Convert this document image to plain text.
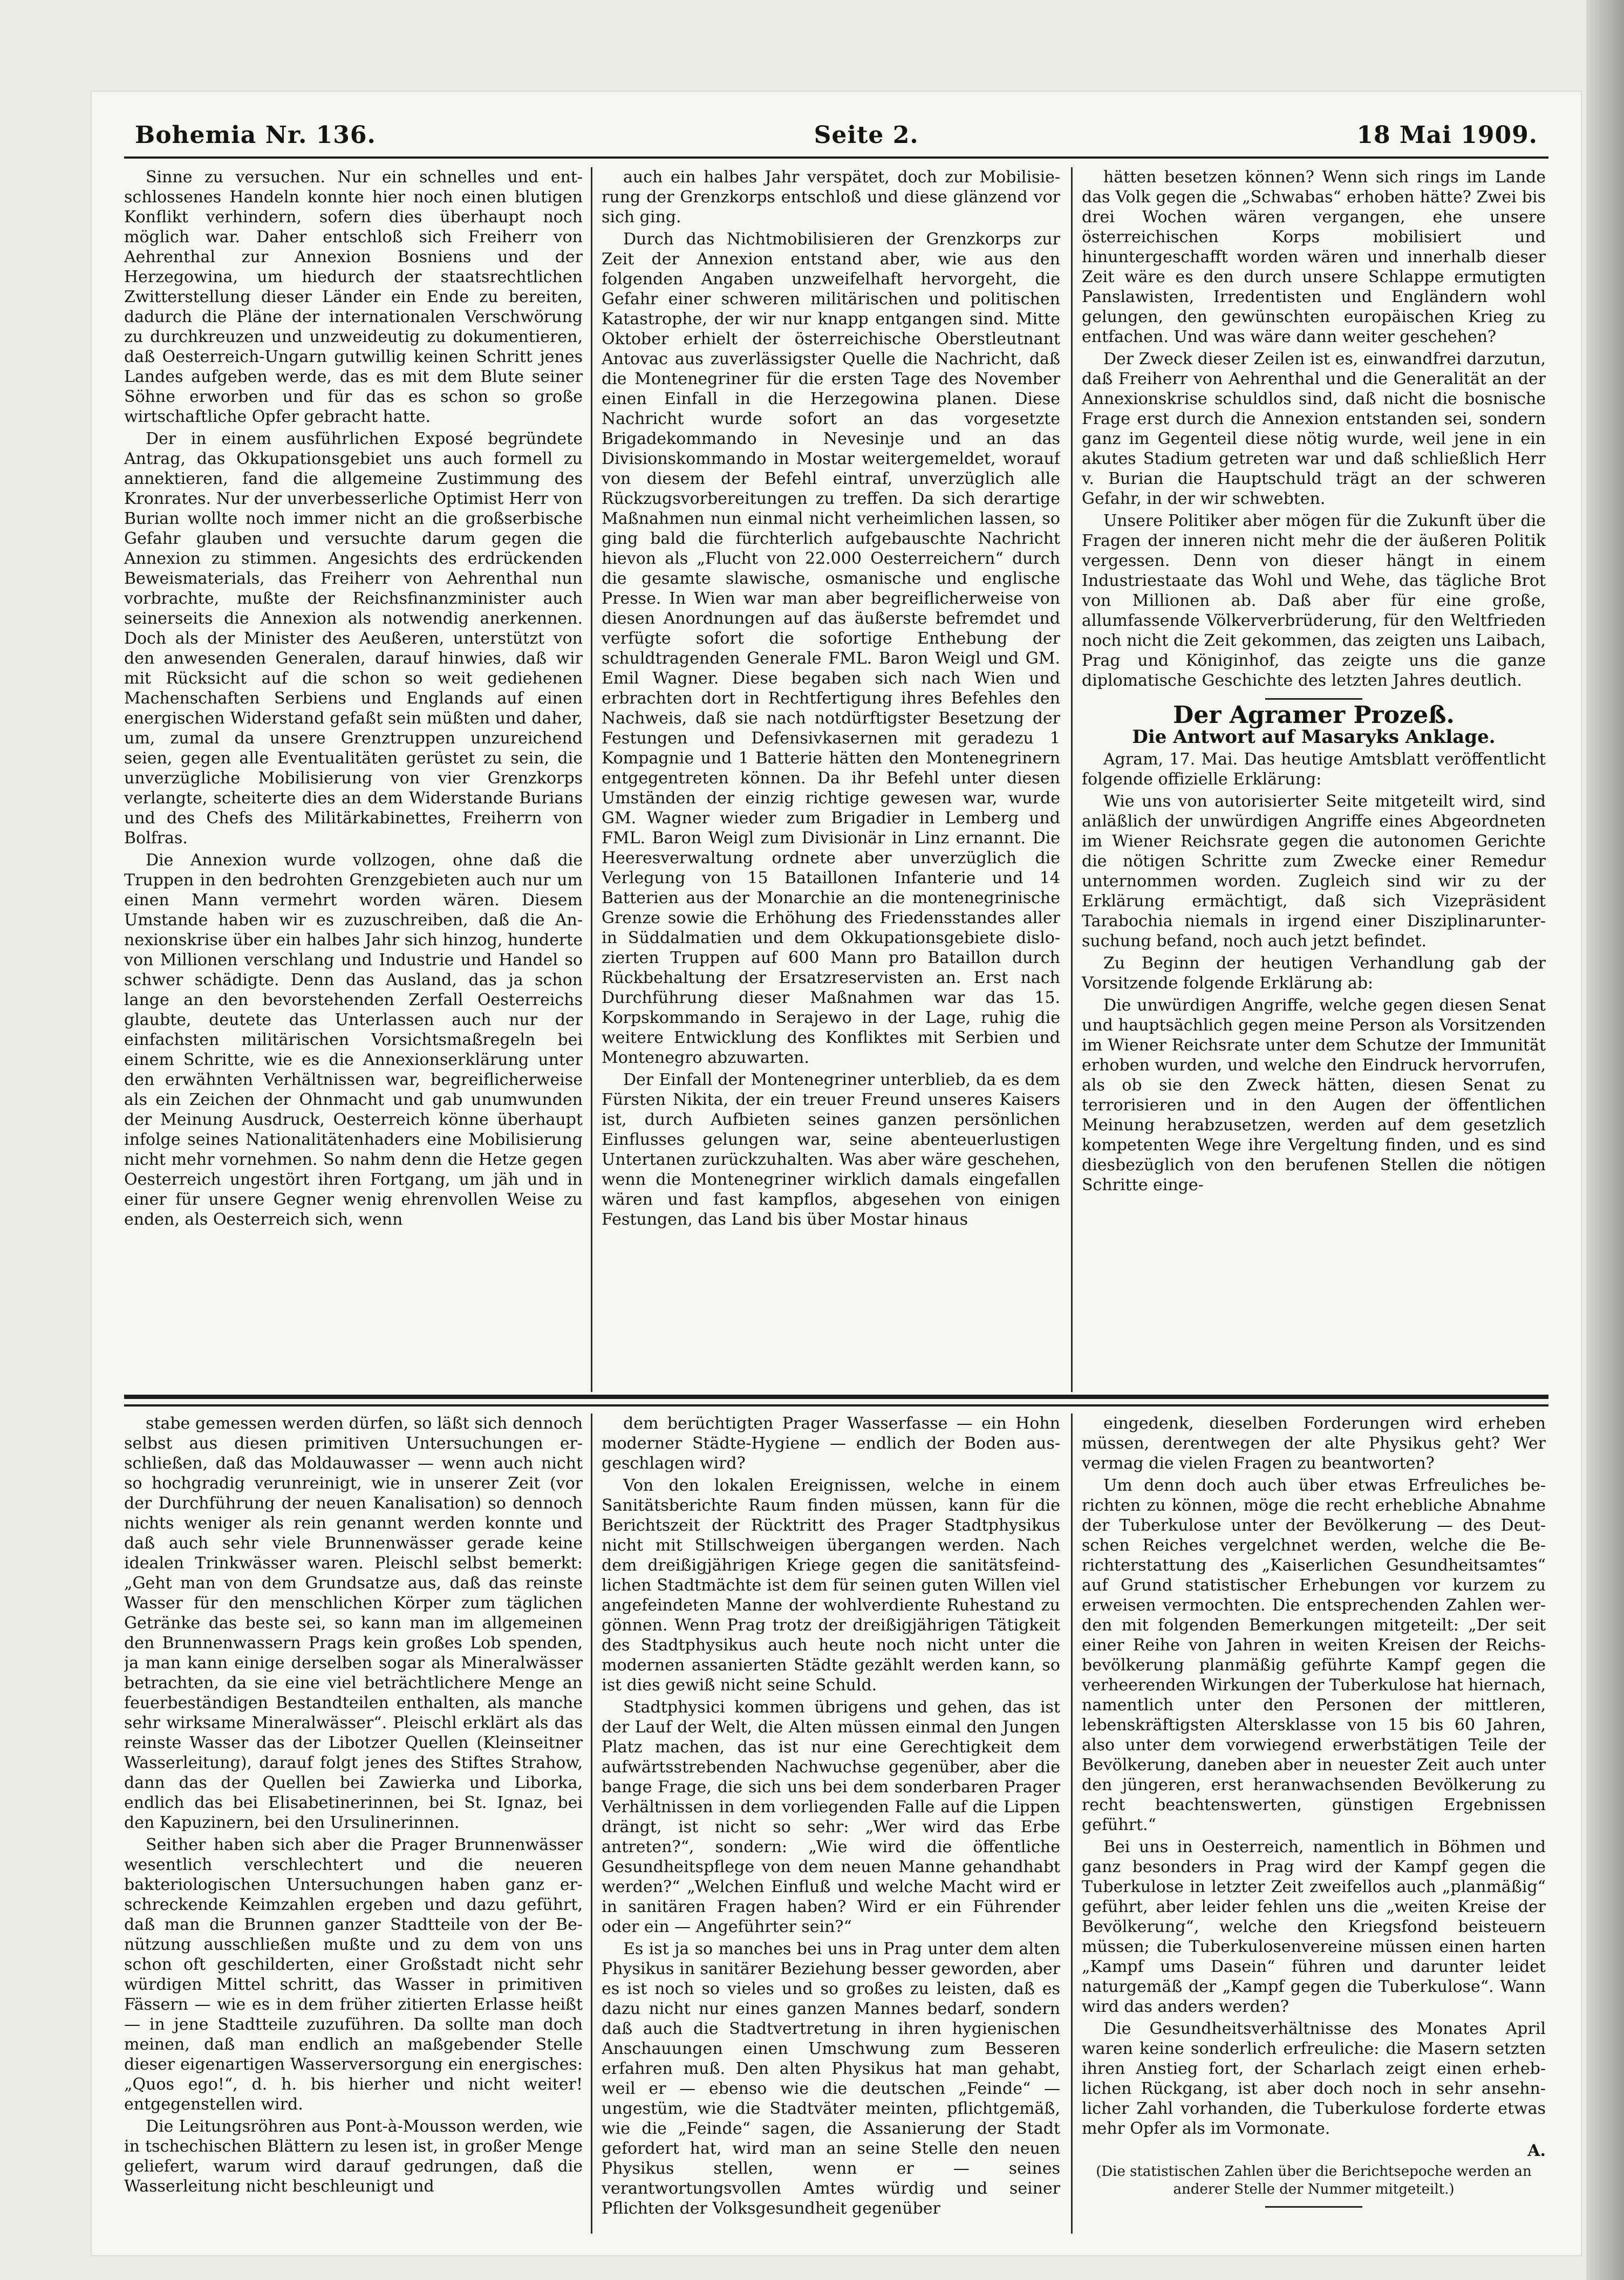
Bohemia Nr. 136.	Seite 2.	18 Mai 1909.

Sinne zu versuchen. Nur ein schnelles und entschlossenes Handeln konnte hier noch einen blutigen Konflikt verhindern, sofern dies überhaupt noch möglich war. Daher entschloß sich Freiherr von Aehrenthal zur Annexion Bosniens und der Herzegowina, um hiedurch der staatsrechtlichen Zwitterstellung dieser Länder ein Ende zu bereiten, dadurch die Pläne der internationalen Verschwörung zu durchkreuzen und unzweideutig zu dokumentieren, daß Oesterreich-Ungarn gutwillig keinen Schritt jenes Landes aufgeben werde, das es mit dem Blute seiner Söhne erworben und für das es schon so große wirtschaftliche Opfer gebracht hatte.

Der in einem ausführlichen Exposé begründete Antrag, das Okkupationsgebiet uns auch formell zu annektieren, fand die allgemeine Zustimmung des Kronrates. Nur der unverbesserliche Optimist Herr von Burian wollte noch immer nicht an die großserbische Gefahr glauben und versuchte darum gegen die Annexion zu stimmen. Angesichts des erdrückenden Beweismaterials, das Freiherr von Aehrenthal nun vorbrachte, mußte der Reichsfinanzminister auch seinerseits die Annexion als notwendig anerkennen. Doch als der Minister des Aeußeren, unterstützt von den anwesenden Generalen, darauf hinwies, daß wir mit Rücksicht auf die schon so weit gediehenen Machenschaften Serbiens und Englands auf einen energischen Widerstand gefaßt sein müßten und daher, um, zumal da unsere Grenztruppen unzureichend seien, gegen alle Eventualitäten gerüstet zu sein, die unverzügliche Mobilisierung von vier Grenzkorps verlangte, scheiterte dies an dem Widerstande Burians und des Chefs des Militärkabinettes, Freiherrn von Bolfras.

Die Annexion wurde vollzogen, ohne daß die Truppen in den bedrohten Grenzgebieten auch nur um einen Mann vermehrt worden wären. Diesem Umstande haben wir es zuzuschreiben, daß die Annexionskrise über ein halbes Jahr sich hinzog, hunderte von Millionen verschlang und Industrie und Handel so schwer schädigte. Denn das Ausland, das ja schon lange an den bevorstehenden Zerfall Oesterreichs glaubte, deutete das Unterlassen auch nur der einfachsten militärischen Vorsichtsmaßregeln bei einem Schritte, wie es die Annexionserklärung unter den erwähnten Verhältnissen war, begreiflicherweise als ein Zeichen der Ohnmacht und gab unumwunden der Meinung Ausdruck, Oesterreich könne überhaupt infolge seines Nationalitätenhaders eine Mobilisierung nicht mehr vornehmen. So nahm denn die Hetze gegen Oesterreich ungestört ihren Fortgang, um jäh und in einer für unsere Gegner wenig ehrenvollen Weise zu enden, als Oesterreich sich, wenn

auch ein halbes Jahr verspätet, doch zur Mobilisierung der Grenzkorps entschloß und diese glänzend vor sich ging.

Durch das Nichtmobilisieren der Grenzkorps zur Zeit der Annexion entstand aber, wie aus den folgenden Angaben unzweifelhaft hervorgeht, die Gefahr einer schweren militärischen und politischen Katastrophe, der wir nur knapp entgangen sind. Mitte Oktober erhielt der österreichische Oberstleutnant Antovac aus zuverlässigster Quelle die Nachricht, daß die Montenegriner für die ersten Tage des November einen Einfall in die Herzegowina planen. Diese Nachricht wurde sofort an das vorgesetzte Brigadekommando in Nevesinje und an das Divisionskommando in Mostar weitergemeldet, worauf von diesem der Befehl eintraf, unverzüglich alle Rückzugsvorbereitungen zu treffen. Da sich derartige Maßnahmen nun einmal nicht verheimlichen lassen, so ging bald die fürchterlich aufgebauschte Nachricht hievon als „Flucht von 22.000 Oesterreichern“ durch die gesamte slawische, osmanische und englische Presse. In Wien war man aber begreiflicherweise von diesen Anordnungen auf das äußerste befremdet und verfügte sofort die sofortige Enthebung der schuldtragenden Generale FML. Baron Weigl und GM. Emil Wagner. Diese begaben sich nach Wien und erbrachten dort in Rechtfertigung ihres Befehles den Nachweis, daß sie nach notdürftigster Besetzung der Festungen und Defensivkasernen mit geradezu 1 Kompagnie und 1 Batterie hätten den Montenegrinern entgegentreten können. Da ihr Befehl unter diesen Umständen der einzig richtige gewesen war, wurde GM. Wagner wieder zum Brigadier in Lemberg und FML. Baron Weigl zum Divisionär in Linz ernannt. Die Heeresverwaltung ordnete aber unverzüglich die Verlegung von 15 Bataillonen Infanterie und 14 Batterien aus der Monarchie an die montenegrinische Grenze sowie die Erhöhung des Friedensstandes aller in Süddalmatien und dem Okkupationsgebiete dislozierten Truppen auf 600 Mann pro Bataillon durch Rückbehaltung der Ersatzreservisten an. Erst nach Durchführung dieser Maßnahmen war das 15. Korpskommando in Serajewo in der Lage, ruhig die weitere Entwicklung des Konfliktes mit Serbien und Montenegro abzuwarten.

Der Einfall der Montenegriner unterblieb, da es dem Fürsten Nikita, der ein treuer Freund unseres Kaisers ist, durch Aufbieten seines ganzen persönlichen Einflusses gelungen war, seine abenteuerlustigen Untertanen zurückzuhalten. Was aber wäre geschehen, wenn die Montenegriner wirklich damals eingefallen wären und fast kampflos, abgesehen von einigen Festungen, das Land bis über Mostar hinaus

hätten besetzen können? Wenn sich rings im Lande das Volk gegen die „Schwabas“ erhoben hätte? Zwei bis drei Wochen wären vergangen, ehe unsere österreichischen Korps mobilisiert und hinuntergeschafft worden wären und innerhalb dieser Zeit wäre es den durch unsere Schlappe ermutigten Panslawisten, Irredentisten und Engländern wohl gelungen, den gewünschten europäischen Krieg zu entfachen. Und was wäre dann weiter geschehen?

Der Zweck dieser Zeilen ist es, einwandfrei darzutun, daß Freiherr von Aehrenthal und die Generalität an der Annexionskrise schuldlos sind, daß nicht die bosnische Frage erst durch die Annexion entstanden sei, sondern ganz im Gegenteil diese nötig wurde, weil jene in ein akutes Stadium getreten war und daß schließlich Herr v. Burian die Hauptschuld trägt an der schweren Gefahr, in der wir schwebten.

Unsere Politiker aber mögen für die Zukunft über die Fragen der inneren nicht mehr die der äußeren Politik vergessen. Denn von dieser hängt in einem Industriestaate das Wohl und Wehe, das tägliche Brot von Millionen ab. Daß aber für eine große, allumfassende Völkerverbrüderung, für den Weltfrieden noch nicht die Zeit gekommen, das zeigten uns Laibach, Prag und Königinhof, das zeigte uns die ganze diplomatische Geschichte des letzten Jahres deutlich.

Der Agramer Prozeß.

Die Antwort auf Masaryks Anklage.

Agram, 17. Mai. Das heutige Amtsblatt veröffentlicht folgende offizielle Erklärung:

Wie uns von autorisierter Seite mitgeteilt wird, sind anläßlich der unwürdigen Angriffe eines Abgeordneten im Wiener Reichsrate gegen die autonomen Gerichte die nötigen Schritte zum Zwecke einer Remedur unternommen worden. Zugleich sind wir zu der Erklärung ermächtigt, daß sich Vizepräsident Tarabochia niemals in irgend einer Disziplinaruntersuchung befand, noch auch jetzt befindet.

Zu Beginn der heutigen Verhandlung gab der Vorsitzende folgende Erklärung ab:

Die unwürdigen Angriffe, welche gegen diesen Senat und hauptsächlich gegen meine Person als Vorsitzenden im Wiener Reichsrate unter dem Schutze der Immunität erhoben wurden, und welche den Eindruck hervorrufen, als ob sie den Zweck hätten, diesen Senat zu terrorisieren und in den Augen der öffentlichen Meinung herabzusetzen, werden auf dem gesetzlich kompetenten Wege ihre Vergeltung finden, und es sind diesbezüglich von den berufenen Stellen die nötigen Schritte einge-

stabe gemessen werden dürfen, so läßt sich dennoch selbst aus diesen primitiven Untersuchungen erschließen, daß das Moldauwasser — wenn auch nicht so hochgradig verunreinigt, wie in unserer Zeit (vor der Durchführung der neuen Kanalisation) so dennoch nichts weniger als rein genannt werden konnte und daß auch sehr viele Brunnenwässer gerade keine idealen Trinkwässer waren. Pleischl selbst bemerkt: „Geht man von dem Grundsatze aus, daß das reinste Wasser für den menschlichen Körper zum täglichen Getränke das beste sei, so kann man im allgemeinen den Brunnenwassern Prags kein großes Lob spenden, ja man kann einige derselben sogar als Mineralwässer betrachten, da sie eine viel beträchtlichere Menge an feuerbeständigen Bestandteilen enthalten, als manche sehr wirksame Mineralwässer“. Pleischl erklärt als das reinste Wasser das der Libotzer Quellen (Kleinseitner Wasserleitung), darauf folgt jenes des Stiftes Strahow, dann das der Quellen bei Zawierka und Liborka, endlich das bei Elisabetinerinnen, bei St. Ignaz, bei den Kapuzinern, bei den Ursulinerinnen.

Seither haben sich aber die Prager Brunnenwässer wesentlich verschlechtert und die neueren bakteriologischen Untersuchungen haben ganz erschreckende Keimzahlen ergeben und dazu geführt, daß man die Brunnen ganzer Stadtteile von der Benützung ausschließen mußte und zu dem von uns schon oft geschilderten, einer Großstadt nicht sehr würdigen Mittel schritt, das Wasser in primitiven Fässern — wie es in dem früher zitierten Erlasse heißt — in jene Stadtteile zuzuführen. Da sollte man doch meinen, daß man endlich an maßgebender Stelle dieser eigenartigen Wasserversorgung ein energisches: „Quos ego!“, d. h. bis hierher und nicht weiter! entgegenstellen wird.

Die Leitungsröhren aus Pont-à-Mousson werden, wie in tschechischen Blättern zu lesen ist, in großer Menge geliefert, warum wird darauf gedrungen, daß die Wasserleitung nicht beschleunigt und

dem berüchtigten Prager Wasserfasse — ein Hohn moderner Städte-Hygiene — endlich der Boden ausgeschlagen wird?

Von den lokalen Ereignissen, welche in einem Sanitätsberichte Raum finden müssen, kann für die Berichtszeit der Rücktritt des Prager Stadtphysikus nicht mit Stillschweigen übergangen werden. Nach dem dreißigjährigen Kriege gegen die sanitätsfeindlichen Stadtmächte ist dem für seinen guten Willen viel angefeindeten Manne der wohlverdiente Ruhestand zu gönnen. Wenn Prag trotz der dreißigjährigen Tätigkeit des Stadtphysikus auch heute noch nicht unter die modernen assanierten Städte gezählt werden kann, so ist dies gewiß nicht seine Schuld.

Stadtphysici kommen übrigens und gehen, das ist der Lauf der Welt, die Alten müssen einmal den Jungen Platz machen, das ist nur eine Gerechtigkeit dem aufwärtsstrebenden Nachwuchse gegenüber, aber die bange Frage, die sich uns bei dem sonderbaren Prager Verhältnissen in dem vorliegenden Falle auf die Lippen drängt, ist nicht so sehr: „Wer wird das Erbe antreten?“, sondern: „Wie wird die öffentliche Gesundheitspflege von dem neuen Manne gehandhabt werden?“ „Welchen Einfluß und welche Macht wird er in sanitären Fragen haben? Wird er ein Führender oder ein — Angeführter sein?“

Es ist ja so manches bei uns in Prag unter dem alten Physikus in sanitärer Beziehung besser geworden, aber es ist noch so vieles und so großes zu leisten, daß es dazu nicht nur eines ganzen Mannes bedarf, sondern daß auch die Stadtvertretung in ihren hygienischen Anschauungen einen Umschwung zum Besseren erfahren muß. Den alten Physikus hat man gehabt, weil er — ebenso wie die deutschen „Feinde“ — ungestüm, wie die Stadtväter meinten, pflichtgemäß, wie die „Feinde“ sagen, die Assanierung der Stadt gefordert hat, wird man an seine Stelle den neuen Physikus stellen, wenn er — seines verantwortungsvollen Amtes würdig und seiner Pflichten der Volksgesundheit gegenüber

eingedenk, dieselben Forderungen wird erheben müssen, derentwegen der alte Physikus geht? Wer vermag die vielen Fragen zu beantworten?

Um denn doch auch über etwas Erfreuliches berichten zu können, möge die recht erhebliche Abnahme der Tuberkulose unter der Bevölkerung — des Deutschen Reiches vergelchnet werden, welche die Berichterstattung des „Kaiserlichen Gesundheitsamtes“ auf Grund statistischer Erhebungen vor kurzem zu erweisen vermochten. Die entsprechenden Zahlen werden mit folgenden Bemerkungen mitgeteilt: „Der seit einer Reihe von Jahren in weiten Kreisen der Reichsbevölkerung planmäßig geführte Kampf gegen die verheerenden Wirkungen der Tuberkulose hat hiernach, namentlich unter den Personen der mittleren, lebenskräftigsten Altersklasse von 15 bis 60 Jahren, also unter dem vorwiegend erwerbstätigen Teile der Bevölkerung, daneben aber in neuester Zeit auch unter den jüngeren, erst heranwachsenden Bevölkerung zu recht beachtenswerten, günstigen Ergebnissen geführt.“

Bei uns in Oesterreich, namentlich in Böhmen und ganz besonders in Prag wird der Kampf gegen die Tuberkulose in letzter Zeit zweifellos auch „planmäßig“ geführt, aber leider fehlen uns die „weiten Kreise der Bevölkerung“, welche den Kriegsfond beisteuern müssen; die Tuberkulosenvereine müssen einen harten „Kampf ums Dasein“ führen und darunter leidet naturgemäß der „Kampf gegen die Tuberkulose“. Wann wird das anders werden?

Die Gesundheitsverhältnisse des Monates April waren keine sonderlich erfreuliche: die Masern setzten ihren Anstieg fort, der Scharlach zeigt einen erheblichen Rückgang, ist aber doch noch in sehr ansehnlicher Zahl vorhanden, die Tuberkulose forderte etwas mehr Opfer als im Vormonate.

A.

(Die statistischen Zahlen über die Berichtsepoche werden an anderer Stelle der Nummer mitgeteilt.)
